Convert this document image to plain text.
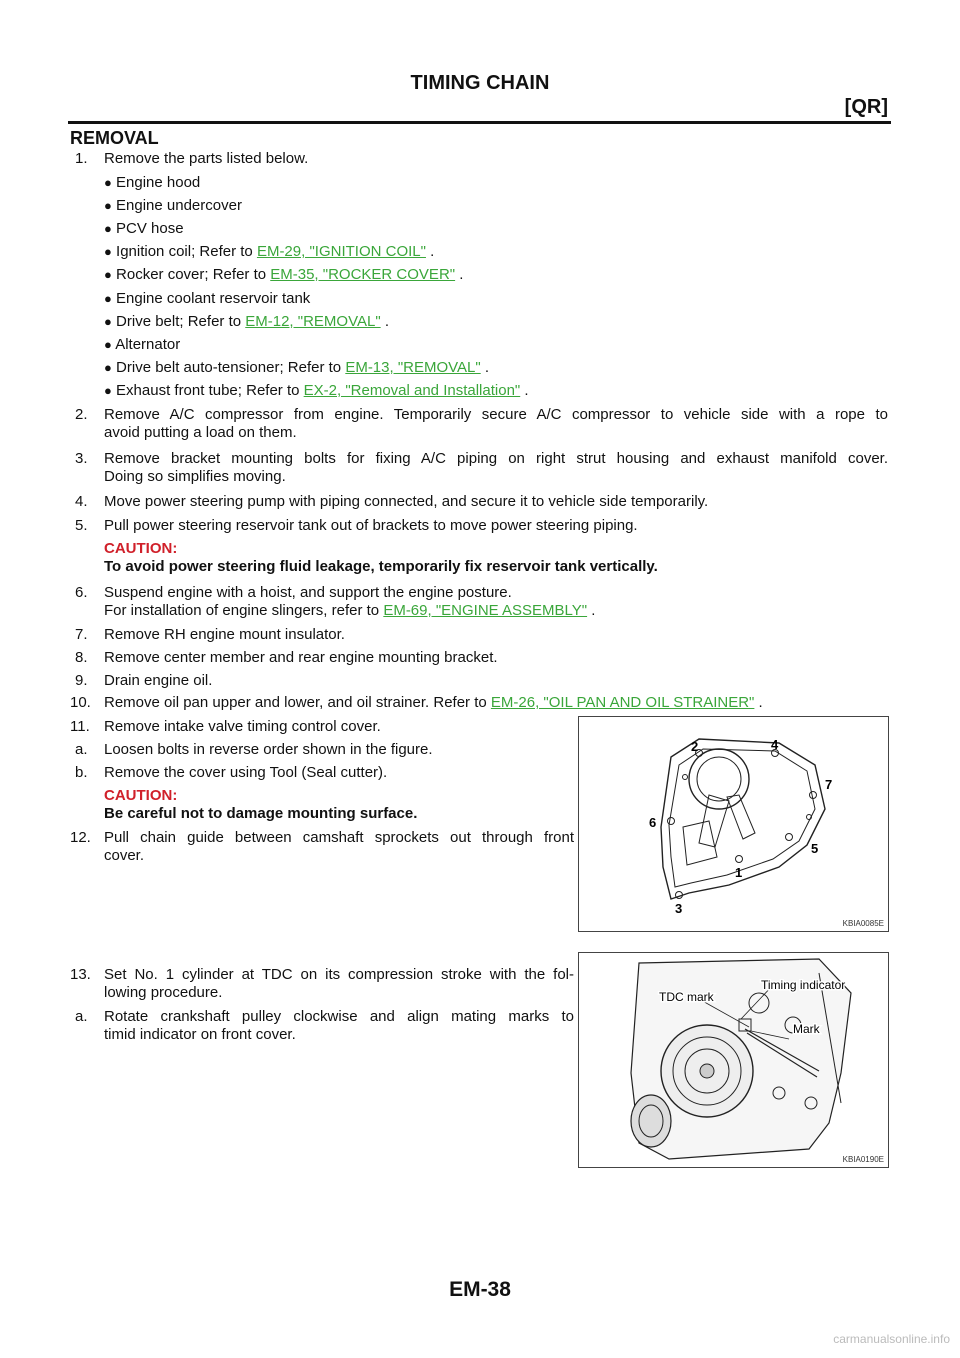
TIMING CHAIN
[QR]
REMOVAL
1. Remove the parts listed below.
● Engine hood
● Engine undercover
● PCV hose
● Ignition coil; Refer to EM-29, "IGNITION COIL" .
● Rocker cover; Refer to EM-35, "ROCKER COVER" .
● Engine coolant reservoir tank
● Drive belt; Refer to EM-12, "REMOVAL" .
● Alternator
● Drive belt auto-tensioner; Refer to EM-13, "REMOVAL" .
● Exhaust front tube; Refer to EX-2, "Removal and Installation" .
2. Remove A/C compressor from engine. Temporarily secure A/C compressor to vehicle side with a rope to
avoid putting a load on them.
3. Remove bracket mounting bolts for fixing A/C piping on right strut housing and exhaust manifold cover.
Doing so simplifies moving.
4. Move power steering pump with piping connected, and secure it to vehicle side temporarily.
5. Pull power steering reservoir tank out of brackets to move power steering piping.
CAUTION:
To avoid power steering fluid leakage, temporarily fix reservoir tank vertically.
6. Suspend engine with a hoist, and support the engine posture.
For installation of engine slingers, refer to EM-69, "ENGINE ASSEMBLY" .
7. Remove RH engine mount insulator.
8. Remove center member and rear engine mounting bracket.
9. Drain engine oil.
10. Remove oil pan upper and lower, and oil strainer. Refer to EM-26, "OIL PAN AND OIL STRAINER" .
11. Remove intake valve timing control cover.
a. Loosen bolts in reverse order shown in the figure.
b. Remove the cover using Tool (Seal cutter).
CAUTION:
Be careful not to damage mounting surface.
12. Pull chain guide between camshaft sprockets out through front
cover.
13. Set No. 1 cylinder at TDC on its compression stroke with the fol-
lowing procedure.
a. Rotate crankshaft pulley clockwise and align mating marks to
timid indicator on front cover.
2	4
7
6
5
1
3
KBIA0085E
Timing indicator
TDC mark
Mark
KBIA0190E
EM-38
carmanualsonline.info
